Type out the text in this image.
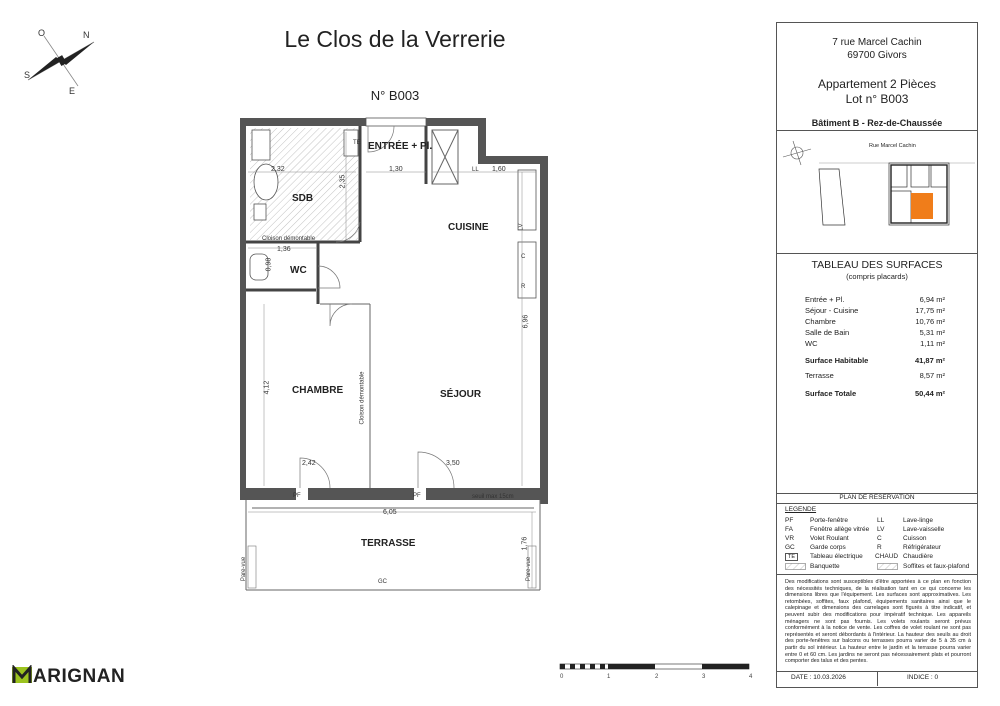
Le Clos de la Verrerie
N° B003
N
E
S
O
ENTRÉE + Pl.
SDB
WC
CUISINE
CHAMBRE	SÉJOUR
TERRASSE
2,32
2,35
1,30	1,60
1,36
0,98
6,96
4,12
2,42	3,50
6,05
1,76
TE
LL
LV
C
R
PF	PF
GC
seuil max 15cm
Cloison démontable
Cloison démontable
Pare-vue	Pare-vue
0	1	2	3	4
ARIGNAN
7 rue Marcel Cachin
69700 Givors
Appartement 2 Pièces
Lot n° B003
Bâtiment B - Rez-de-Chaussée
Rue Marcel Cachin
TABLEAU DES SURFACES
(compris placards)
Entrée + Pl.	6,94 m²
Séjour - Cuisine	17,75 m²
Chambre	10,76 m²
Salle de Bain	5,31 m²
WC	1,11 m²
Surface Habitable	41,87 m²
Terrasse	8,57 m²
Surface Totale	50,44 m²
PLAN DE RESERVATION
LEGENDE
PF	Porte-fenêtre	LL	Lave-linge
FA	Fenêtre allège vitrée LV	Lave-vaisselle
VR Volet Roulant	C	Cuisson
GC Garde corps	R	Réfrigérateur
TE	Tableau électrique CHAUD Chaudière
Banquette	Soffites et faux-plafond
Des modifications sont susceptibles d'être apportées à ce plan en fonction des nécessités techniques, de la réalisation tant en ce qui concerne les dimensions libres que l'équipement. Les surfaces sont approximatives. Les retombées, soffites, faux plafond, équipements sanitaires ainsi que le calepinage et dimensions des carrelages sont figurés à titre indicatif, et peuvent subir des modifications pour impératif technique. Les appareils ménagers ne sont pas fournis. Les volets roulants seront prévus conformément à la notice de vente. Les coffres de volet roulant ne sont pas représentés et seront débordants à l'intérieur. La hauteur des seuils au droit des porte-fenêtres sur balcons ou terrasses pourra varier de 5 à 35 cm à partir du sol intérieur. La hauteur entre le jardin et la terrasse pourra varier entre 0 et 60 cm. Les jardins ne seront pas nécessairement plats et pourront comporter des talus et des pentes.
DATE : 10.03.2026	INDICE : 0
